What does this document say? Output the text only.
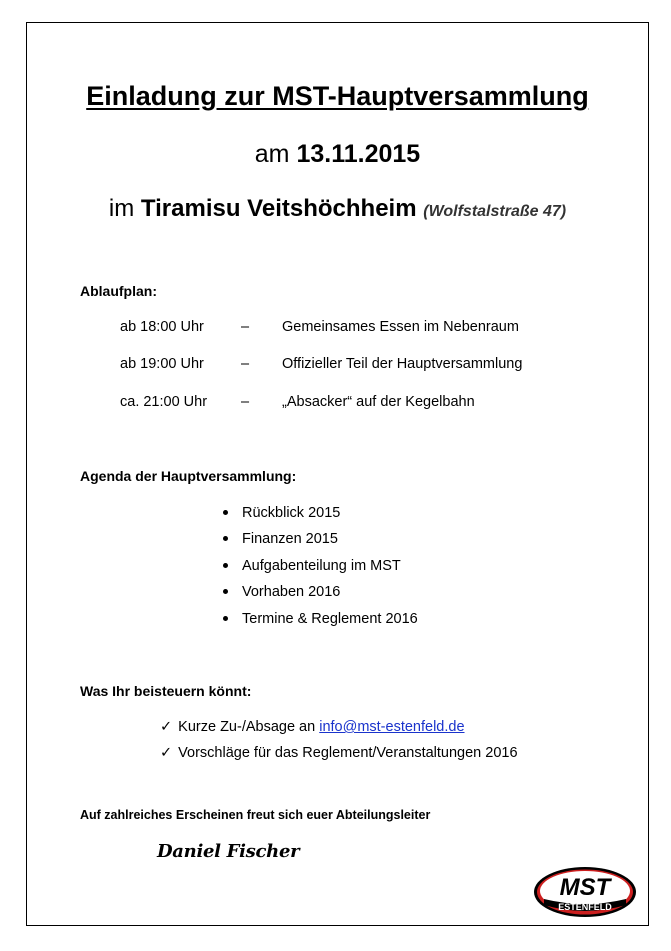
Einladung zur MST-Hauptversammlung
am 13.11.2015
im Tiramisu Veitshöchheim (Wolfstalstraße 47)
Ablaufplan:
ab 18:00 Uhr	– Gemeinsames Essen im Nebenraum
ab 19:00 Uhr	– Offizieller Teil der Hauptversammlung
ca. 21:00 Uhr – „Absacker“ auf der Kegelbahn
Agenda der Hauptversammlung:
Rückblick 2015
Finanzen 2015
Aufgabenteilung im MST
Vorhaben 2016
Termine & Reglement 2016
Was Ihr beisteuern könnt:
✓ Kurze Zu-/Absage an info@mst-estenfeld.de
✓ Vorschläge für das Reglement/Veranstaltungen 2016
Auf zahlreiches Erscheinen freut sich euer Abteilungsleiter
Daniel Fischer
MST
ESTENFELD
